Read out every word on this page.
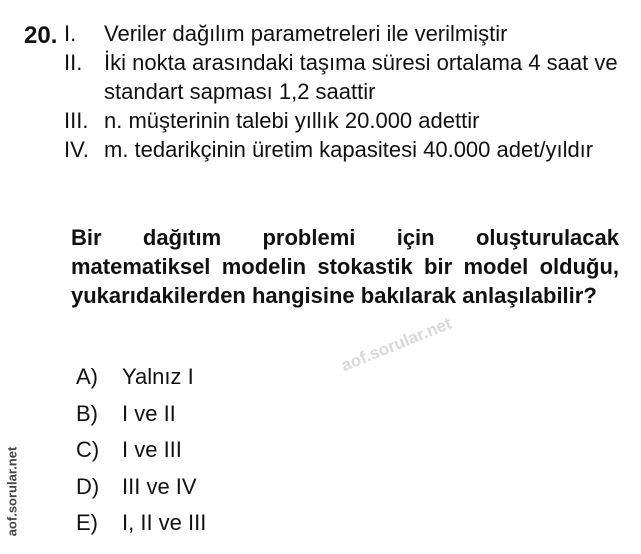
20. I.	Veriler dağılım parametreleri ile verilmiştir
II. İki nokta arasındaki taşıma süresi ortalama 4 saat ve standart sapması 1,2 saattir
III. n. müşterinin talebi yıllık 20.000 adettir
IV. m. tedarikçinin üretim kapasitesi 40.000 adet/yıldır
Bir dağıtım problemi için oluşturulacak matematiksel modelin stokastik bir model olduğu, yukarıdakilerden hangisine bakılarak anlaşılabilir?
A)	Yalnız I
B)	I ve II
C)	I ve III
D)	III ve IV
E)	I, II ve III
aof.sorular.net
aof.sorular.net
